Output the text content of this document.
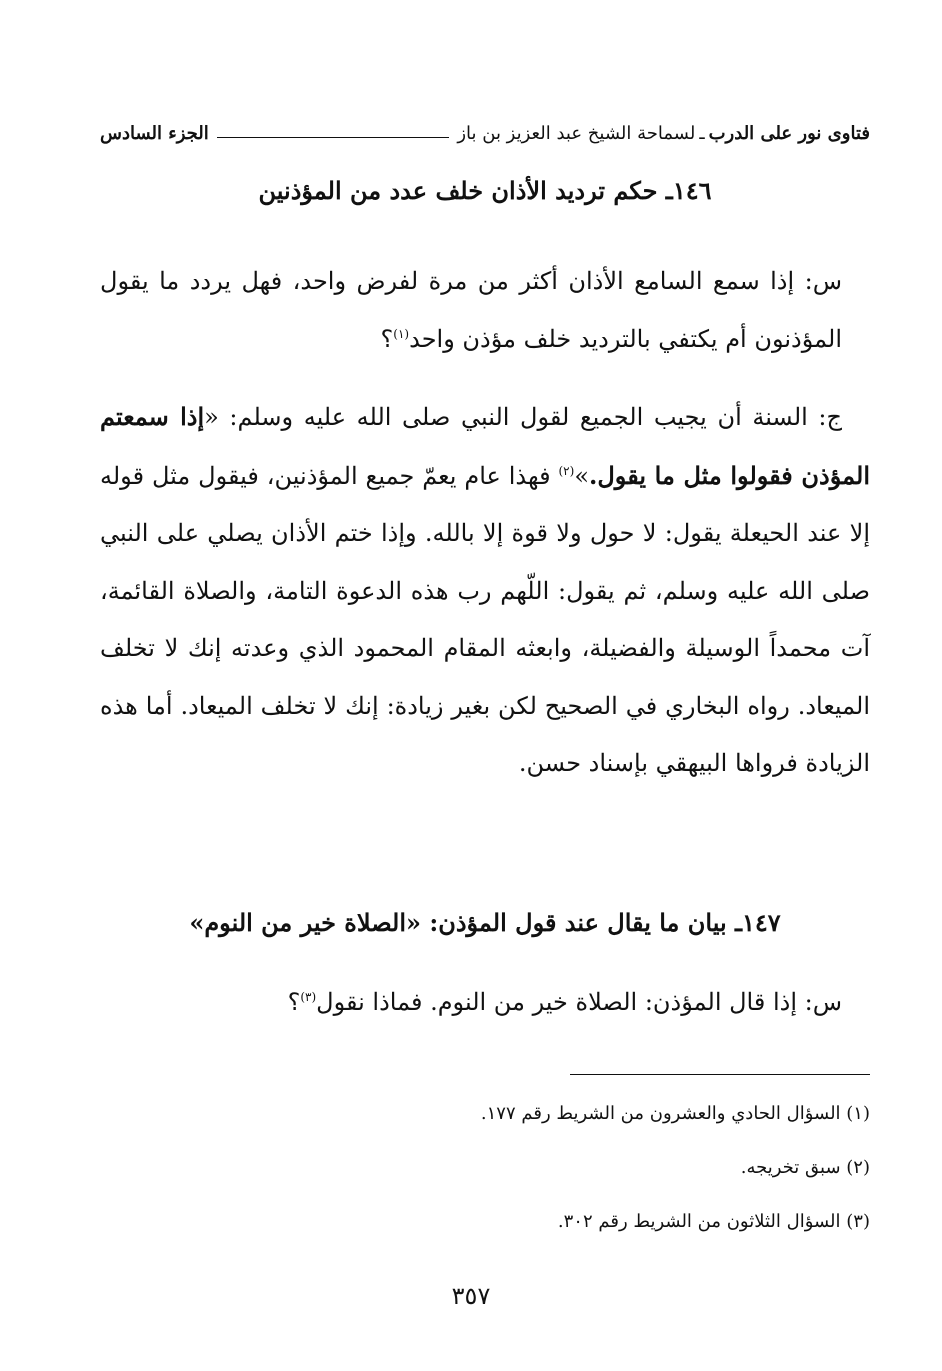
فتاوى نور على الدرب
ـ
لسماحة الشيخ عبد العزيز بن باز
الجزء السادس
١٤٦ـ حكم ترديد الأذان خلف عدد من المؤذنين
س: إذا سمع السامع الأذان أكثر من مرة لفرض واحد، فهل يردد ما يقول المؤذنون أم يكتفي بالترديد خلف مؤذن واحد$^{(١)}$؟
ج: السنة أن يجيب الجميع لقول النبي صلى الله عليه وسلم: «إذا سمعتم المؤذن فقولوا مثل ما يقول.»$^{(٢)}$ فهذا عام يعمّ جميع المؤذنين، فيقول مثل قوله إلا عند الحيعلة يقول: لا حول ولا قوة إلا بالله. وإذا ختم الأذان يصلي على النبي صلى الله عليه وسلم، ثم يقول: اللّهم رب هذه الدعوة التامة، والصلاة القائمة، آت محمداً الوسيلة والفضيلة، وابعثه المقام المحمود الذي وعدته إنك لا تخلف الميعاد. رواه البخاري في الصحيح لكن بغير زيادة: إنك لا تخلف الميعاد. أما هذه الزيادة فرواها البيهقي بإسناد حسن.
١٤٧ـ بيان ما يقال عند قول المؤذن: «الصلاة خير من النوم»
س: إذا قال المؤذن: الصلاة خير من النوم. فماذا نقول$^{(٣)}$؟
(١) السؤال الحادي والعشرون من الشريط رقم ١٧٧.
(٢) سبق تخريجه.
(٣) السؤال الثلاثون من الشريط رقم ٣٠٢.
٣٥٧
